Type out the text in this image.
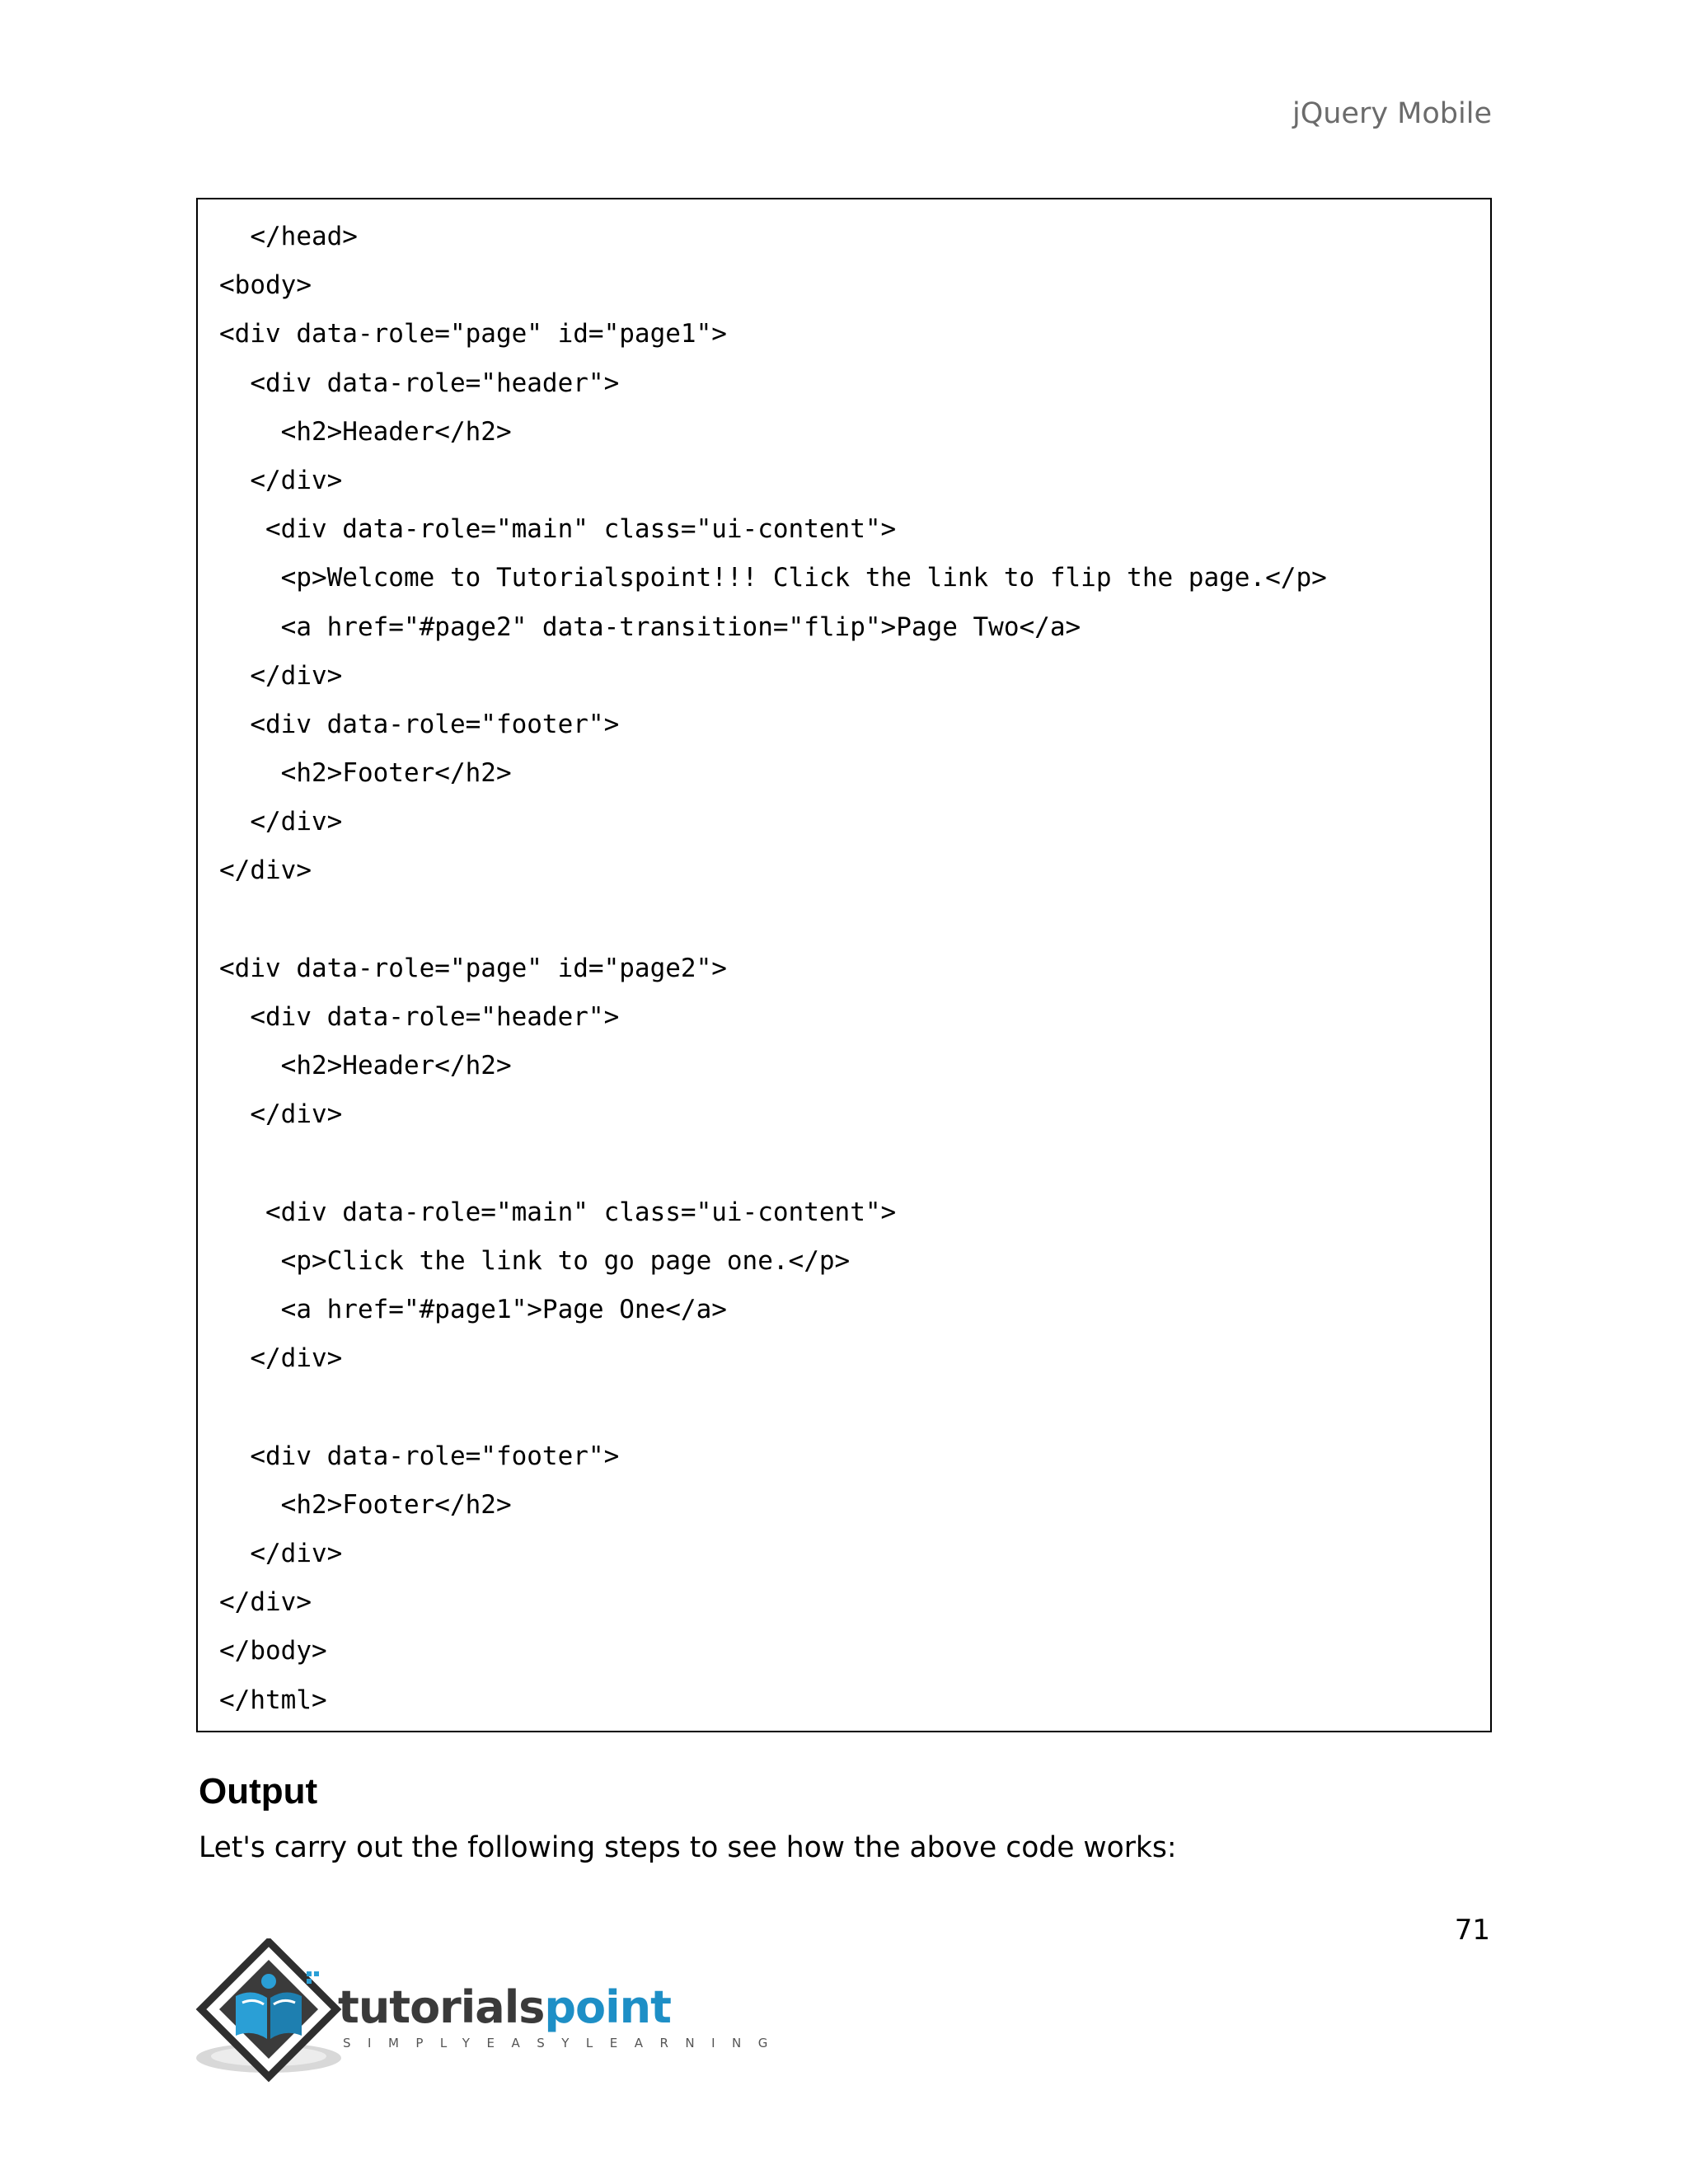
jQuery Mobile
</head>
<body>
<div data-role="page" id="page1">
<div data-role="header">
<h2>Header</h2>
</div>
<div data-role="main" class="ui-content">
<p>Welcome to Tutorialspoint!!! Click the link to flip the page.</p>
<a href="#page2" data-transition="flip">Page Two</a>
</div>
<div data-role="footer">
<h2>Footer</h2>
</div>
</div>
<div data-role="page" id="page2">
<div data-role="header">
<h2>Header</h2>
</div>
<div data-role="main" class="ui-content">
<p>Click the link to go page one.</p>
<a href="#page1">Page One</a>
</div>
<div data-role="footer">
<h2>Footer</h2>
</div>
</div>
</body>
</html>
Output

Let's carry out the following steps to see how the above code works:

71
tutorialspoint
SIMPLYEASYLEARNING
